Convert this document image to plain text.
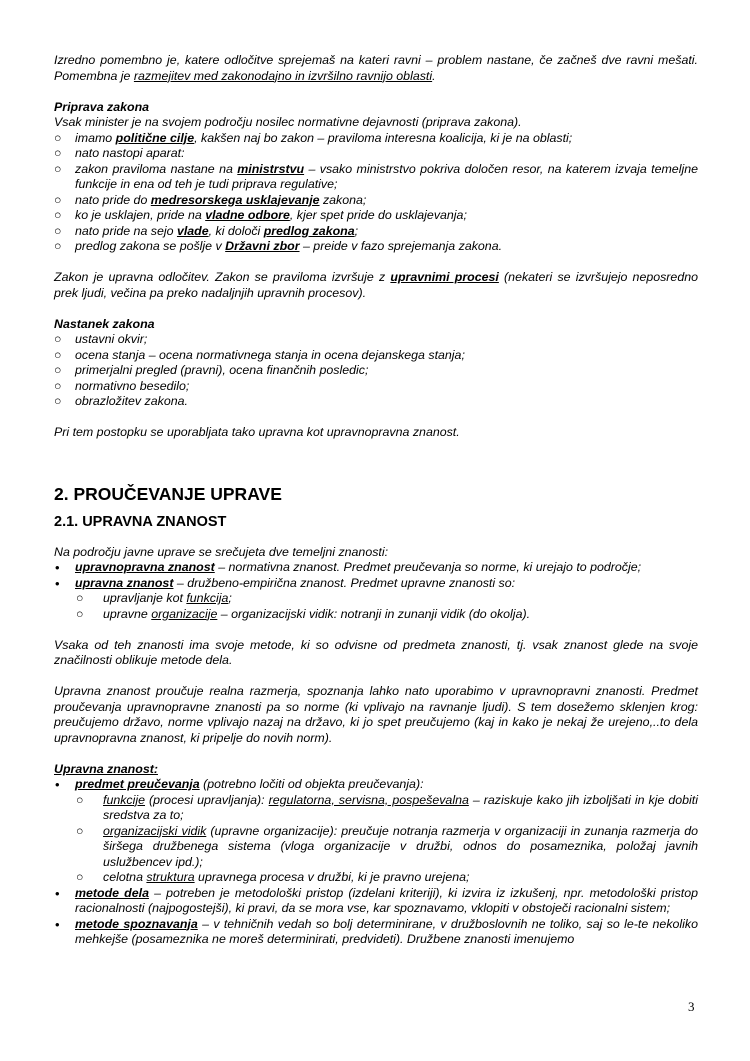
Izredno pomembno je, katere odločitve sprejemaš na kateri ravni – problem nastane, če začneš dve ravni mešati. Pomembna je razmejitev med zakonodajno in izvršilno ravnijo oblasti.

Priprava zakona

Vsak minister je na svojem področju nosilec normativne dejavnosti (priprava zakona).

○	imamo politične cilje, kakšen naj bo zakon – praviloma interesna koalicija, ki je na oblasti;
○	nato nastopi aparat:
○	zakon praviloma nastane na ministrstvu – vsako ministrstvo pokriva določen resor, na katerem izvaja temeljne funkcije in ena od teh je tudi priprava regulative;
○	nato pride do medresorskega usklajevanje zakona;
○	ko je usklajen, pride na vladne odbore, kjer spet pride do usklajevanja;
○	nato pride na sejo vlade, ki določi predlog zakona;
○	predlog zakona se pošlje v Državni zbor – preide v fazo sprejemanja zakona.

Zakon je upravna odločitev. Zakon se praviloma izvršuje z upravnimi procesi (nekateri se izvršujejo neposredno prek ljudi, večina pa preko nadaljnjih upravnih procesov).

Nastanek zakona

○	ustavni okvir;
○	ocena stanja – ocena normativnega stanja in ocena dejanskega stanja;
○	primerjalni pregled (pravni), ocena finančnih posledic;
○	normativno besedilo;
○	obrazložitev zakona.

Pri tem postopku se uporabljata tako upravna kot upravnopravna znanost.

2. PROUČEVANJE UPRAVE
2.1. UPRAVNA ZNANOST

Na področju javne uprave se srečujeta dve temeljni znanosti:

•	upravnopravna znanost – normativna znanost. Predmet preučevanja so norme, ki urejajo to področje;
•	upravna znanost – družbeno-empirična znanost. Predmet upravne znanosti so:
○	upravljanje kot funkcija;
○	upravne organizacije – organizacijski vidik: notranji in zunanji vidik (do okolja).

Vsaka od teh znanosti ima svoje metode, ki so odvisne od predmeta znanosti, tj. vsak znanost glede na svoje značilnosti oblikuje metode dela.

Upravna znanost proučuje realna razmerja, spoznanja lahko nato uporabimo v upravnopravni znanosti. Predmet proučevanja upravnopravne znanosti pa so norme (ki vplivajo na ravnanje ljudi). S tem dosežemo sklenjen krog: preučujemo državo, norme vplivajo nazaj na državo, ki jo spet preučujemo (kaj in kako je nekaj že urejeno,..to dela upravnopravna znanost, ki pripelje do novih norm).

Upravna znanost:

•	predmet preučevanja (potrebno ločiti od objekta preučevanja):
○	funkcije (procesi upravljanja): regulatorna, servisna, pospeševalna – raziskuje kako jih izboljšati in kje dobiti sredstva za to;
○	organizacijski vidik (upravne organizacije): preučuje notranja razmerja v organizaciji in zunanja razmerja do širšega družbenega sistema (vloga organizacije v družbi, odnos do posameznika, položaj javnih uslužbencev ipd.);
○	celotna struktura upravnega procesa v družbi, ki je pravno urejena;
•	metode dela – potreben je metodološki pristop (izdelani kriteriji), ki izvira iz izkušenj, npr. metodološki pristop racionalnosti (najpogostejši), ki pravi, da se mora vse, kar spoznavamo, vklopiti v obstoječi racionalni sistem;
•	metode spoznavanja – v tehničnih vedah so bolj determinirane, v družboslovnih ne toliko, saj so le-te nekoliko mehkejše (posameznika ne moreš determinirati, predvideti). Družbene znanosti imenujemo
3
